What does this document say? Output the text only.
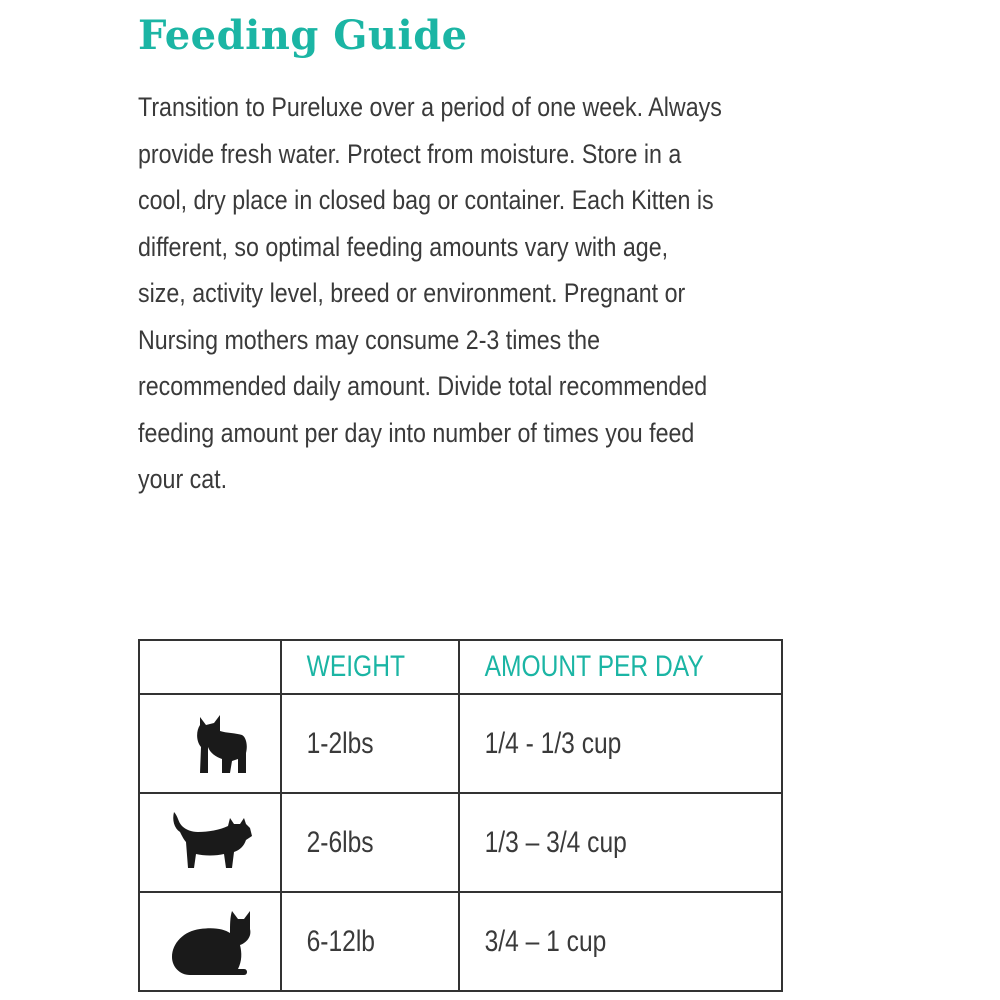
Feeding Guide
Transition to Pureluxe over a period of one week. Always
provide fresh water. Protect from moisture. Store in a
cool, dry place in closed bag or container. Each Kitten is
different, so optimal feeding amounts vary with age,
size, activity level, breed or environment. Pregnant or
Nursing mothers may consume 2-3 times the
recommended daily amount. Divide total recommended
feeding amount per day into number of times you feed
your cat.
	WEIGHT	AMOUNT PER DAY

	1-2lbs	1/4 - 1/3 cup

	2-6lbs	1/3 – 3/4 cup

	6-12lb	3/4 – 1 cup
